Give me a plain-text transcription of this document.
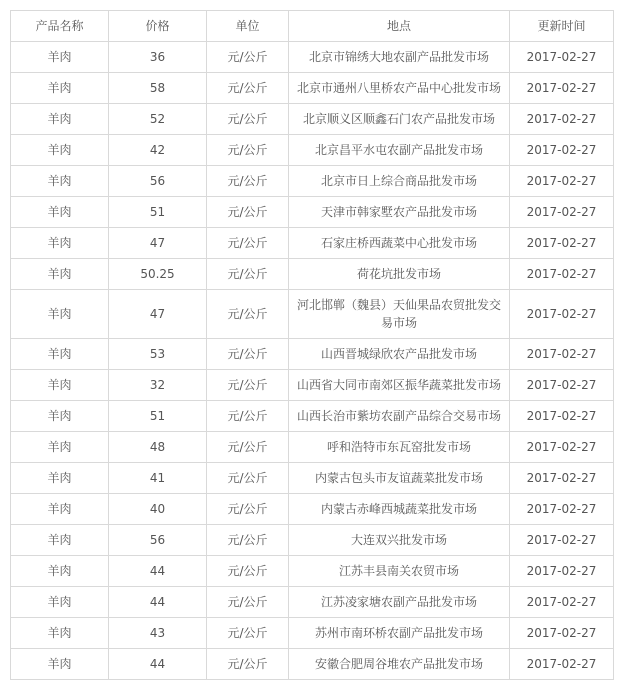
产品名称	价格	单位	地点	更新时间
羊肉	36	元/公斤	北京市锦绣大地农副产品批发市场	2017-02-27
羊肉	58	元/公斤	北京市通州八里桥农产品中心批发市场	2017-02-27
羊肉	52	元/公斤	北京顺义区顺鑫石门农产品批发市场	2017-02-27
羊肉	42	元/公斤	北京昌平水屯农副产品批发市场	2017-02-27
羊肉	56	元/公斤	北京市日上综合商品批发市场	2017-02-27
羊肉	51	元/公斤	天津市韩家墅农产品批发市场	2017-02-27
羊肉	47	元/公斤	石家庄桥西蔬菜中心批发市场	2017-02-27
羊肉	50.25	元/公斤	荷花坑批发市场	2017-02-27
羊肉	47	元/公斤	河北邯郸（魏县）天仙果品农贸批发交易市场	2017-02-27
羊肉	53	元/公斤	山西晋城绿欣农产品批发市场	2017-02-27
羊肉	32	元/公斤	山西省大同市南郊区振华蔬菜批发市场	2017-02-27
羊肉	51	元/公斤	山西长治市紫坊农副产品综合交易市场	2017-02-27
羊肉	48	元/公斤	呼和浩特市东瓦窑批发市场	2017-02-27
羊肉	41	元/公斤	内蒙古包头市友谊蔬菜批发市场	2017-02-27
羊肉	40	元/公斤	内蒙古赤峰西城蔬菜批发市场	2017-02-27
羊肉	56	元/公斤	大连双兴批发市场	2017-02-27
羊肉	44	元/公斤	江苏丰县南关农贸市场	2017-02-27
羊肉	44	元/公斤	江苏凌家塘农副产品批发市场	2017-02-27
羊肉	43	元/公斤	苏州市南环桥农副产品批发市场	2017-02-27
羊肉	44	元/公斤	安徽合肥周谷堆农产品批发市场	2017-02-27
